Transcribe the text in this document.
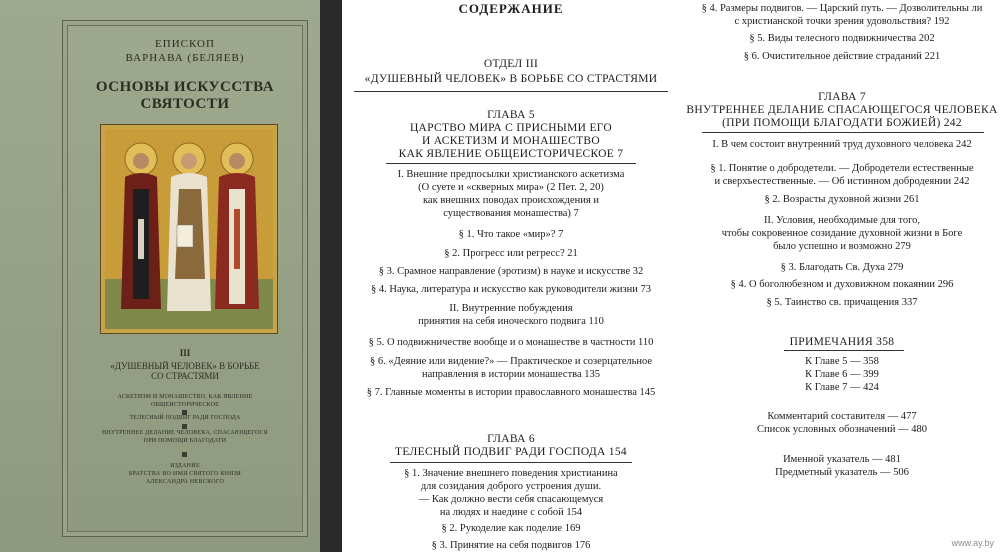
ЕПИСКОП
ВАРНАВА (БЕЛЯЕВ)
ОСНОВЫ ИСКУССТВА
СВЯТОСТИ
III
«ДУШЕВНЫЙ ЧЕЛОВЕК» В БОРЬБЕ
СО СТРАСТЯМИ
АСКЕТИЗМ И МОНАШЕСТВО, КАК ЯВЛЕНИЕ
ОБЩЕИСТОРИЧЕСКОЕ
ТЕЛЕСНЫЙ ПОДВИГ РАДИ ГОСПОДА
ВНУТРЕННЕЕ ДЕЛАНИЕ ЧЕЛОВЕКА, СПАСАЮЩЕГОСЯ
ПРИ ПОМОЩИ БЛАГОДАТИ
ИЗДАНИЕ
БРАТСТВА ВО ИМЯ СВЯТОГО КНЯЗЯ
АЛЕКСАНДРА НЕВСКОГО
СОДЕРЖАНИЕ
ОТДЕЛ III
«ДУШЕВНЫЙ ЧЕЛОВЕК» В БОРЬБЕ СО СТРАСТЯМИ
ГЛАВА 5
ЦАРСТВО МИРА С ПРИСНЫМИ ЕГО
И АСКЕТИЗМ И МОНАШЕСТВО
КАК ЯВЛЕНИЕ ОБЩЕИСТОРИЧЕСКОЕ 7
I. Внешние предпосылки христианского аскетизма
(О суете и «скверных мира» (2 Пет. 2, 20)
как внешних поводах происхождения и
существования монашества) 7
§ 1. Что такое «мир»? 7
§ 2. Прогресс или регресс? 21
§ 3. Срамное направление (эротизм) в науке и искусстве 32
§ 4. Наука, литература и искусство как руководители жизни 73
II. Внутренние побуждения
принятия на себя иноческого подвига 110
§ 5. О подвижничестве вообще и о монашестве в частности 110
§ 6. «Деяние или видение?» — Практическое и созерцательное
направления в истории монашества 135
§ 7. Главные моменты в истории православного монашества 145
ГЛАВА 6
ТЕЛЕСНЫЙ ПОДВИГ РАДИ ГОСПОДА 154
§ 1. Значение внешнего поведения христианина
для созидания доброго устроения души.
— Как должно вести себя спасающемуся
на людях и наедине с собой 154
§ 2. Рукоделие как поделие 169
§ 3. Принятие на себя подвигов 176
§ 4. Размеры подвигов. — Царский путь. — Дозволительны ли
с христианской точки зрения удовольствия? 192
§ 5. Виды телесного подвижничества 202
§ 6. Очистительное действие страданий 221
ГЛАВА 7
ВНУТРЕННЕЕ ДЕЛАНИЕ СПАСАЮЩЕГОСЯ ЧЕЛОВЕКА
(ПРИ ПОМОЩИ БЛАГОДАТИ БОЖИЕЙ) 242
I. В чем состоит внутренний труд духовного человека 242
§ 1. Понятие о добродетели. — Добродетели естественные
и сверхъестественные. — Об истинном добродеянии 242
§ 2. Возрасты духовной жизни 261
II. Условия, необходимые для того,
чтобы сокровенное созидание духовной жизни в Боге
было успешно и возможно 279
§ 3. Благодать Св. Духа 279
§ 4. О боголюбезном и духовижном покаянии 296
§ 5. Таинство св. причащения 337
ПРИМЕЧАНИЯ 358
К Главе 5 — 358
К Главе 6 — 399
К Главе 7 — 424
Комментарий составителя — 477
Список условных обозначений — 480
Именной указатель — 481
Предметный указатель — 506
www.ay.by
